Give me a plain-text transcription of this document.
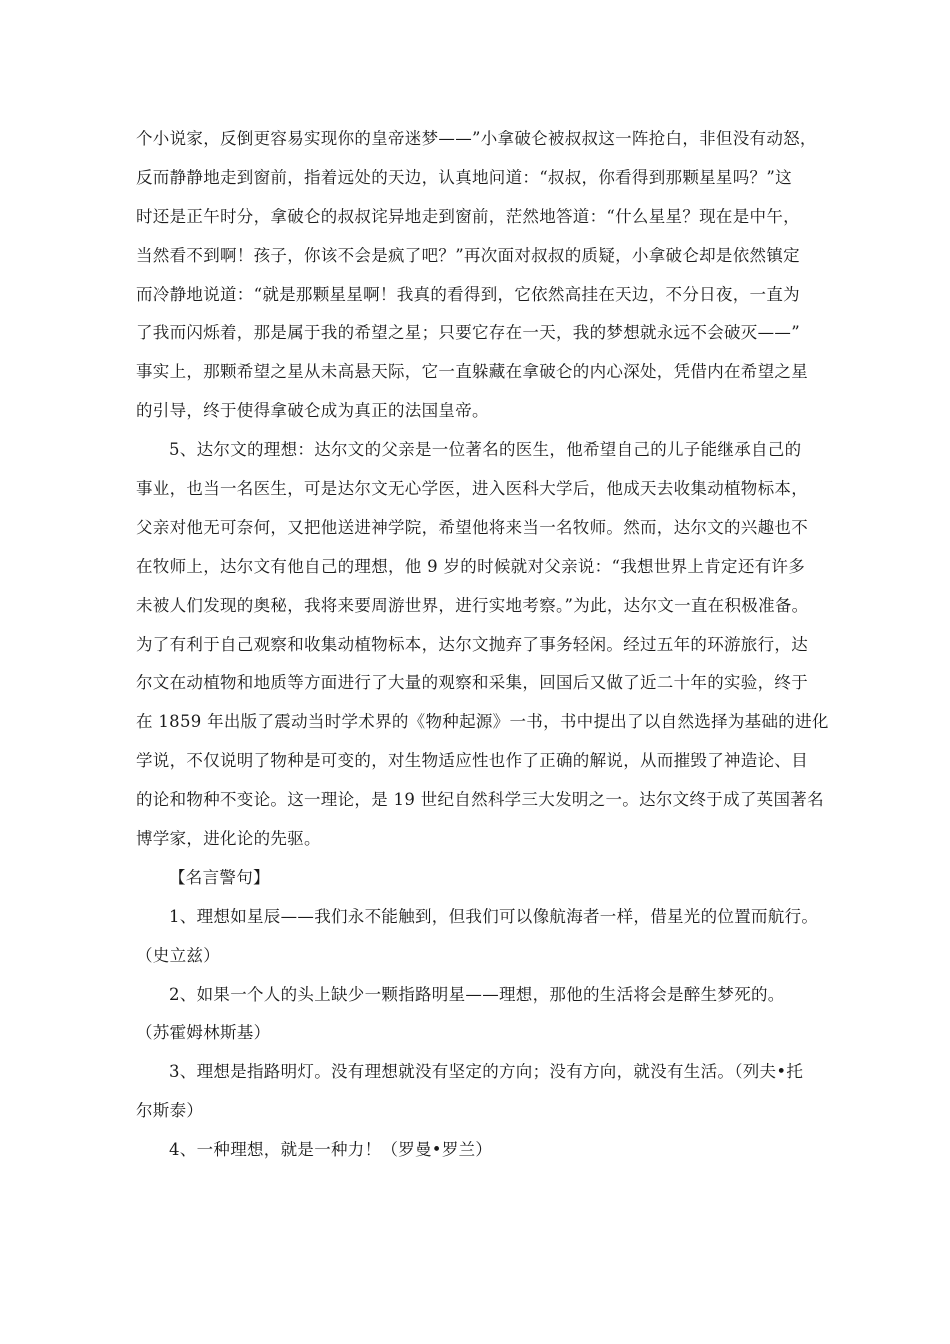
个小说家，反倒更容易实现你的皇帝迷梦——”小拿破仑被叔叔这一阵抢白，非但没有动怒，
反而静静地走到窗前，指着远处的天边，认真地问道：“叔叔，你看得到那颗星星吗？”这
时还是正午时分，拿破仑的叔叔诧异地走到窗前，茫然地答道：“什么星星？现在是中午，
当然看不到啊！孩子，你该不会是疯了吧？”再次面对叔叔的质疑，小拿破仑却是依然镇定
而冷静地说道：“就是那颗星星啊！我真的看得到，它依然高挂在天边，不分日夜，一直为
了我而闪烁着，那是属于我的希望之星；只要它存在一天，我的梦想就永远不会破灭——”
事实上，那颗希望之星从未高悬天际，它一直躲藏在拿破仑的内心深处，凭借内在希望之星
的引导，终于使得拿破仑成为真正的法国皇帝。
5、达尔文的理想：达尔文的父亲是一位著名的医生，他希望自己的儿子能继承自己的
事业，也当一名医生，可是达尔文无心学医，进入医科大学后，他成天去收集动植物标本，
父亲对他无可奈何，又把他送进神学院，希望他将来当一名牧师。然而，达尔文的兴趣也不
在牧师上，达尔文有他自己的理想，他 9 岁的时候就对父亲说：“我想世界上肯定还有许多
未被人们发现的奥秘，我将来要周游世界，进行实地考察。”为此，达尔文一直在积极准备。
为了有利于自己观察和收集动植物标本，达尔文抛弃了事务轻闲。经过五年的环游旅行，达
尔文在动植物和地质等方面进行了大量的观察和采集，回国后又做了近二十年的实验，终于
在 1859 年出版了震动当时学术界的《物种起源》一书，书中提出了以自然选择为基础的进化
学说，不仅说明了物种是可变的，对生物适应性也作了正确的解说，从而摧毁了神造论、目
的论和物种不变论。这一理论，是 19 世纪自然科学三大发明之一。达尔文终于成了英国著名
博学家，进化论的先驱。
【名言警句】
1、理想如星辰——我们永不能触到，但我们可以像航海者一样，借星光的位置而航行。
（史立兹）
2、如果一个人的头上缺少一颗指路明星——理想，那他的生活将会是醉生梦死的。
（苏霍姆林斯基）
3、理想是指路明灯。没有理想就没有坚定的方向；没有方向，就没有生活。（列夫•托
尔斯泰）
4、一种理想，就是一种力！（罗曼•罗兰）
